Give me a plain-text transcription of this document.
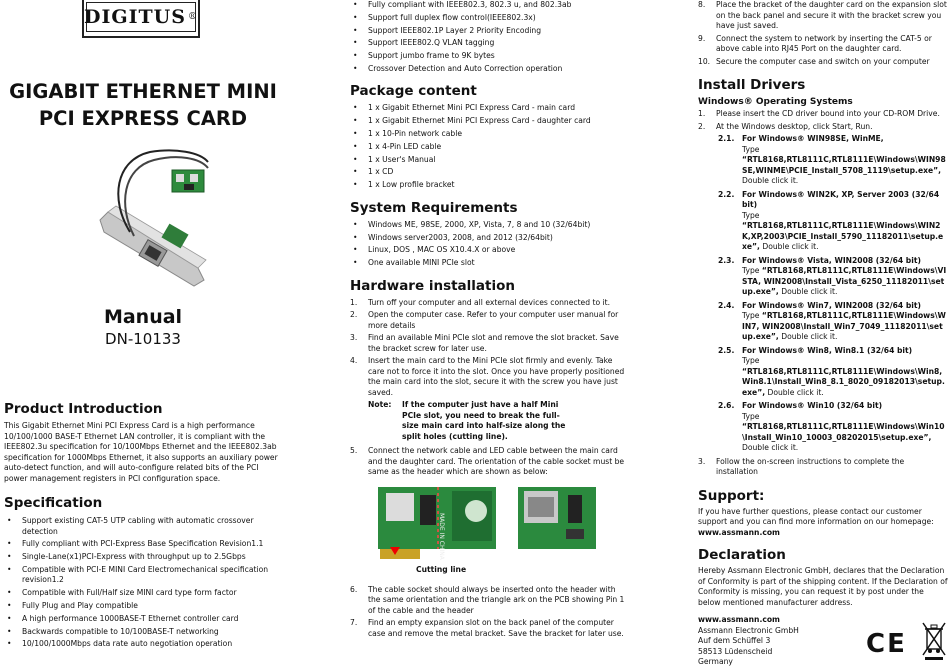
DIGITUS ®
GIGABIT ETHERNET MINI
PCI EXPRESS CARD
Manual
DN-10133
Product Introduction

This Gigabit Ethernet Mini PCI Express Card is a high performance 10/100/1000 BASE-T Ethernet LAN controller, it is compliant with the IEEE802.3u specification for 10/100Mbps Ethernet and the IEEE802.3ab specification for 1000Mbps Ethernet, it also supports an auxiliary power auto-detect function, and will auto-configure related bits of the PCI power management registers in PCI configuration space.

Specification
• Support existing CAT-5 UTP cabling with automatic crossover detection
• Fully compliant with PCI-Express Base Specification Revision1.1
• Single-Lane(x1)PCI-Express with throughput up to 2.5Gbps
• Compatible with PCI-E MINI Card Electromechanical specification revision1.2
• Compatible with Full/Half size MINI card type form factor
• Fully Plug and Play compatible
• A high performance 1000BASE-T Ethernet controller card
• Backwards compatible to 10/100BASE-T networking
• 10/100/1000Mbps data rate auto negotiation operation
• Fully compliant with IEEE802.3, 802.3 u, and 802.3ab
• Support full duplex flow control(IEEE802.3x)
• Support IEEE802.1P Layer 2 Priority Encoding
• Support IEEE802.Q VLAN tagging
• Support jumbo frame to 9K bytes
• Crossover Detection and Auto Correction operation
Package content
• 1 x Gigabit Ethernet Mini PCI Express Card - main card
• 1 x Gigabit Ethernet Mini PCI Express Card - daughter card
• 1 x 10-Pin network cable
• 1 x 4-Pin LED cable
• 1 x User's Manual
• 1 x CD
• 1 x Low profile bracket
System Requirements
• Windows ME, 98SE, 2000, XP, Vista, 7, 8 and 10 (32/64bit)
• Windows server2003, 2008, and 2012 (32/64bit)
• Linux, DOS , MAC OS X10.4.X or above
• One available MINI PCIe slot
Hardware installation
1. Turn off your computer and all external devices connected to it.
2. Open the computer case. Refer to your computer user manual for more details
3. Find an available Mini PCIe slot and remove the slot bracket. Save the bracket screw for later use.
4. Insert the main card to the Mini PCIe slot firmly and evenly. Take care not to force it into the slot. Once you have properly positioned the main card into the slot, secure it with the screw you have just saved.
Note:	If the computer just have a half Mini PCIe slot, you need to break the full-size main card into half-size along the split holes (cutting line).
5. Connect the network cable and LED cable between the main card and the daughter card. The orientation of the cable socket must be same as the header which are shown as below:
MADE IN CHINA
Cutting line
6. The cable socket should always be inserted onto the header with the same orientation and the triangle ark on the PCB showing Pin 1 of the cable and the header
7. Find an empty expansion slot on the back panel of the computer case and remove the metal bracket. Save the bracket for later use.
8. Place the bracket of the daughter card on the expansion slot on the back panel and secure it with the bracket screw you have just saved.
9. Connect the system to network by inserting the CAT-5 or above cable into RJ45 Port on the daughter card.
10. Secure the computer case and switch on your computer
Install Drivers
Windows® Operating Systems
1. Please insert the CD driver bound into your CD-ROM Drive.
2. At the Windows desktop, click Start, Run.
2.1. For Windows® WIN98SE, WinME,
Type
“RTL8168,RTL8111C,RTL8111E\Windows\WIN98SE,WINME\PCIE_Install_5708_1119\setup.exe”, Double click it.
2.2. For Windows® WIN2K, XP, Server 2003 (32/64 bit)
Type
“RTL8168,RTL8111C,RTL8111E\Windows\WIN2K,XP,2003\PCIE_Install_5790_11182011\setup.exe”, Double click it.
2.3. For Windows® Vista, WIN2008 (32/64 bit)
Type “RTL8168,RTL8111C,RTL8111E\Windows\VISTA, WIN2008\Install_Vista_6250_11182011\setup.exe”, Double click it.
2.4. For Windows® Win7, WIN2008 (32/64 bit)
Type “RTL8168,RTL8111C,RTL8111E\Windows\WIN7, WIN2008\Install_Win7_7049_11182011\setup.exe”, Double click it.
2.5. For Windows® Win8, Win8.1 (32/64 bit)
Type
“RTL8168,RTL8111C,RTL8111E\Windows\Win8,Win8.1\Install_Win8_8.1_8020_09182013\setup.exe”, Double click it.
2.6. For Windows® Win10 (32/64 bit)
Type
“RTL8168,RTL8111C,RTL8111E\Windows\Win10\Install_Win10_10003_08202015\setup.exe”, Double click it.
3. Follow the on-screen instructions to complete the installation
Support:

If you have further questions, please contact our customer support and you can find more information on our homepage: www.assmann.com

Declaration

Hereby Assmann Electronic GmbH, declares that the Declaration of Conformity is part of the shipping content. If the Declaration of Conformity is missing, you can request it by post under the below mentioned manufacturer address.

www.assmann.com

Assmann Electronic GmbH

Auf dem Schüffel 3

58513 Lüdenscheid

Germany

CE
